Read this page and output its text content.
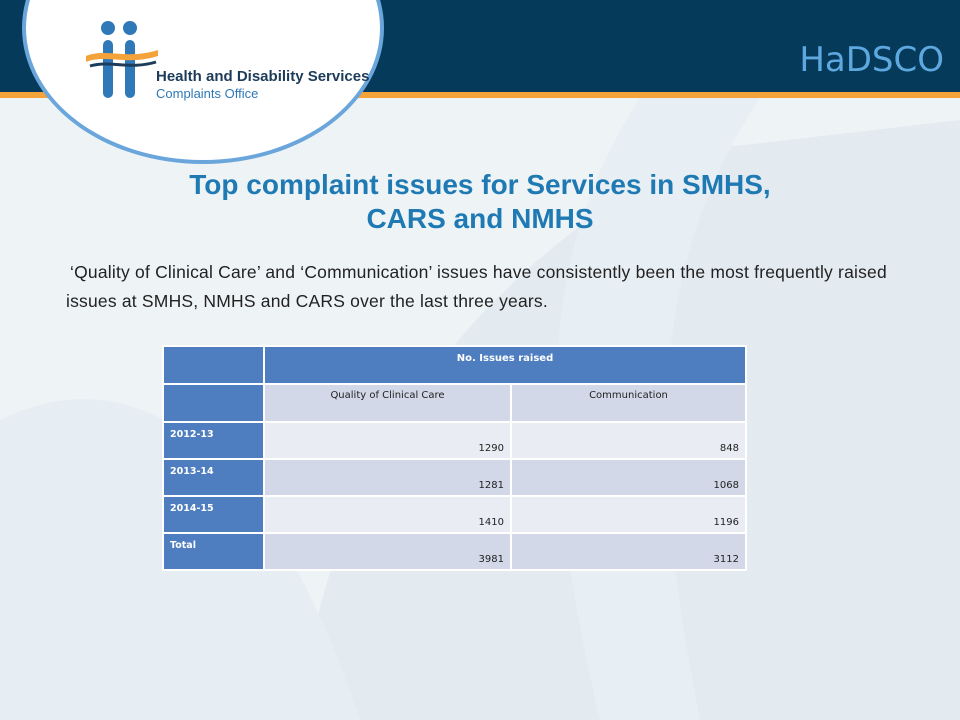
HaDSCO
Health and Disability Services
Complaints Office
Top complaint issues for Services in SMHS,
CARS and NMHS
‘Quality of Clinical Care’ and ‘Communication’ issues have consistently been the most frequently raised issues at SMHS, NMHS and CARS over the last three years.
	No. Issues raised	
	Quality of Clinical Care	Communication
2012-13	1290	848
2013-14	1281	1068
2014-15	1410	1196
Total	3981	3112
